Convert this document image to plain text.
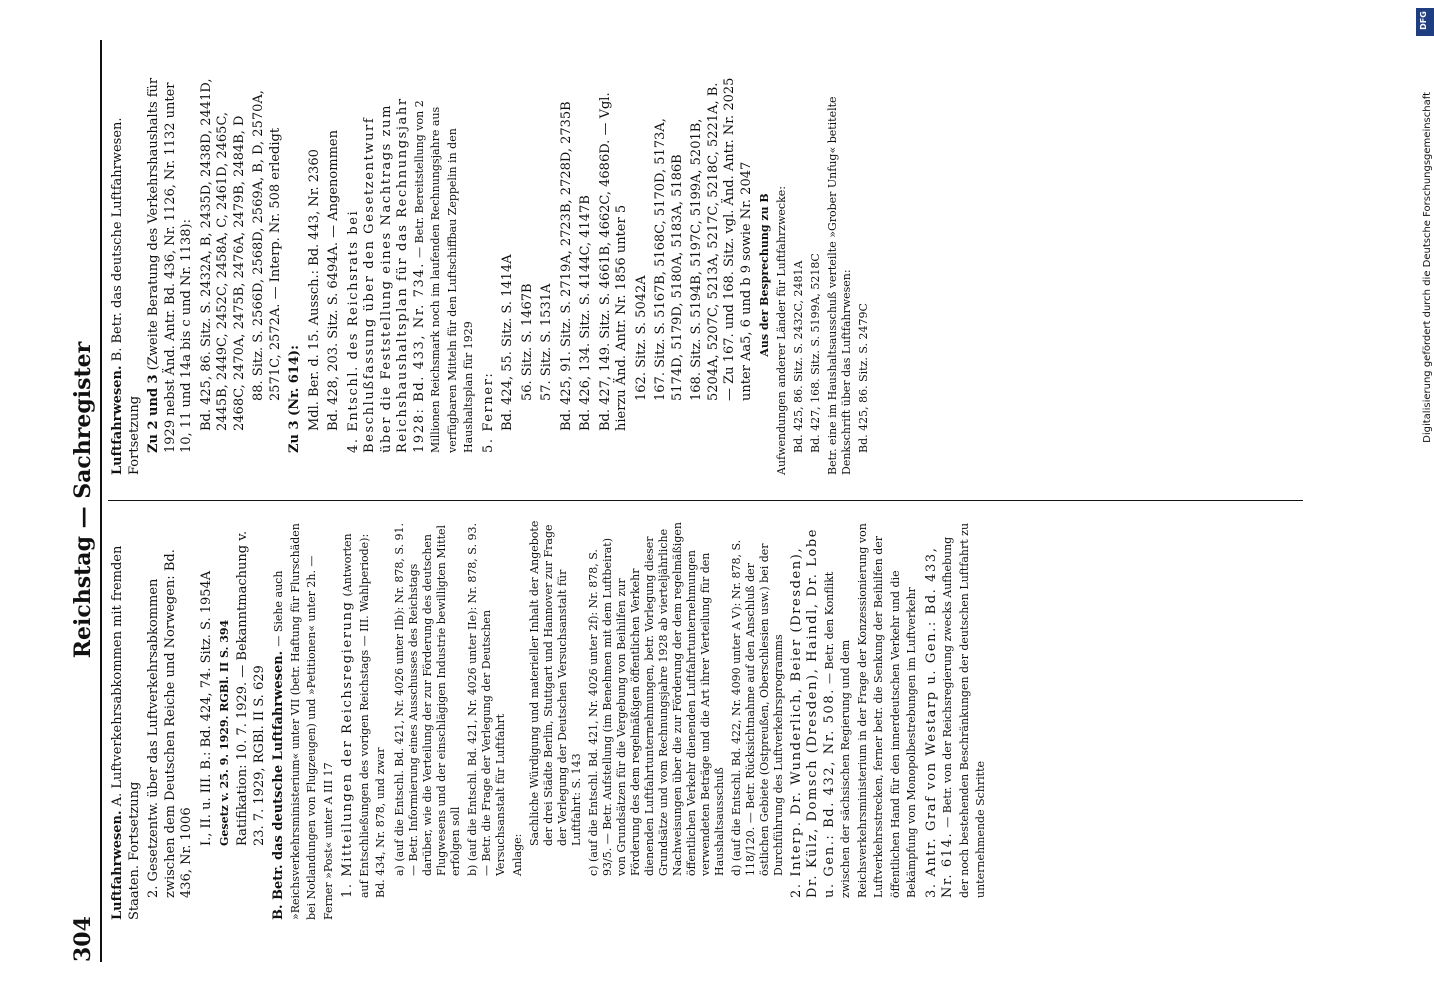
304
Reichstag — Sachregister

Luftfahrwesen. A. Luftverkehrsabkommen mit fremden Staaten. Fortsetzung 2. Gesetzentw. über das Luftverkehrsabkommen zwischen dem Deutschen Reiche und Norwegen: Bd. 436, Nr. 1006

I., II. u. III. B.: Bd. 424, 74. Sitz. S. 1954A Gesetz v. 25. 9. 1929. RGBl. II S. 394 Ratifikation: 10. 7. 1929. — Bekanntmachung v. 23. 7. 1929, RGBl. II S. 629 B. Betr. das deutsche Luftfahrwesen. — Siehe auch »Reichsverkehrsministerium« unter VII (betr. Haftung für Flurschäden bei Notlandungen von Flugzeugen) und »Petitionen« unter 2h. — Ferner »Post« unter A III 17 1. Mitteilungen der Reichsregierung (Antworten auf Entschließungen des vorigen Reichstags — III. Wahlperiode): Bd. 434, Nr. 878, und zwar a) (auf die Entschl. Bd. 421, Nr. 4026 unter IIb): Nr. 878, S. 91. — Betr. Informierung eines Ausschusses des Reichstags darüber, wie die Verteilung der zur Förderung des deutschen Flugwesens und der einschlägigen Industrie bewilligten Mittel erfolgen soll b) (auf die Entschl. Bd. 421, Nr. 4026 unter IIe): Nr. 878, S. 93. — Betr. die Frage der Verlegung der Deutschen Versuchsanstalt für Luftfahrt Anlage:

Sachliche Würdigung und materieller Inhalt der Angebote der drei Städte Berlin, Stuttgart und Hannover zur Frage der Verlegung der Deutschen Versuchsanstalt für Luftfahrt: S. 143 c) (auf die Entschl. Bd. 421, Nr. 4026 unter 2f): Nr. 878, S. 93/5. — Betr. Aufstellung (im Benehmen mit dem Luftbeirat) von Grundsätzen für die Vergebung von Beihilfen zur Förderung des dem regelmäßigen öffentlichen Verkehr dienenden Luftfahrtunternehmungen, betr. Vorlegung dieser Grundsätze und vom Rechnungsjahre 1928 ab vierteljährliche Nachweisungen über die zur Förderung der dem regelmäßigen öffentlichen Verkehr dienenden Luftfahrtunternehmungen verwendeten Beträge und die Art ihrer Verteilung für den Haushaltsausschuß d) (auf die Entschl. Bd. 422, Nr. 4090 unter A V): Nr. 878, S. 118/120. — Betr. Rücksichtnahme auf den Anschluß der östlichen Gebiete (Ostpreußen, Oberschlesien usw.) bei der Durchführung des Luftverkehrsprogramms 2. Interp. Dr. Wunderlich, Beier (Dresden), Dr. Külz, Domsch (Dresden), Haindl, Dr. Lobe u. Gen.: Bd. 432, Nr. 508. — Betr. den Konflikt zwischen der sächsischen Regierung und dem Reichsverkehrsministerium in der Frage der Konzessionierung von Luftverkehrsstrecken, ferner betr. die Senkung der Beihilfen der öffentlichen Hand für den innerdeutschen Verkehr und die Bekämpfung von Monopolbestrebungen im Luftverkehr 3. Antr. Graf von Westarp u. Gen.: Bd. 433, Nr. 614. — Betr. von der Reichsregierung zwecks Aufhebung der noch bestehenden Beschränkungen der deutschen Luftfahrt zu unternehmende Schritte

Luftfahrwesen. B. Betr. das deutsche Luftfahrwesen. Fortsetzung Zu 2 und 3 (Zweite Beratung des Verkehrshaushalts für 1929 nebst Änd. Antr. Bd. 436, Nr. 1126, Nr. 1132 unter 10, 11 und 14a bis c und Nr. 1138): Bd. 425, 86. Sitz. S. 2432A, B, 2435D, 2438D, 2441D, 2445B, 2449C, 2452C, 2458A, C, 2461D, 2465C, 2468C, 2470A, 2475B, 2476A, 2479B, 2484B, D 88. Sitz. S. 2566D, 2568D, 2569A, B, D, 2570A, 2571C, 2572A. — Interp. Nr. 508 erledigt Zu 3 (Nr. 614): Mdl. Ber. d. 15. Aussch.: Bd. 443, Nr. 2360 Bd. 428, 203. Sitz. S. 6494A. — Angenommen 4. Entschl. des Reichsrats bei Beschlußfassung über den Gesetzentwurf über die Feststellung eines Nachtrags zum Reichshaushaltsplan für das Rechnungsjahr 1928: Bd. 433, Nr. 734. — Betr. Bereitstellung von 2 Millionen Reichsmark noch im laufenden Rechnungsjahre aus verfügbaren Mitteln für den Luftschiffbau Zeppelin in den Haushaltsplan für 1929 5. Ferner: Bd. 424, 55. Sitz. S. 1414A 56. Sitz. S. 1467B 57. Sitz. S. 1531A Bd. 425, 91. Sitz. S. 2719A, 2723B, 2728D, 2735B Bd. 426, 134. Sitz. S. 4144C, 4147B Bd. 427, 149. Sitz. S. 4661B, 4662C, 4686D. — Vgl. hierzu Änd. Antr. Nr. 1856 unter 5 162. Sitz. S. 5042A 167. Sitz. S. 5167B, 5168C, 5170D, 5173A, 5174D, 5179D, 5180A, 5183A, 5186B 168. Sitz. S. 5194B, 5197C, 5199A, 5201B, 5204A, 5207C, 5213A, 5217C, 5218C, 5221A, B. — Zu 167. und 168. Sitz. vgl. Änd. Antr. Nr. 2025 unter Aa5, 6 und b 9 sowie Nr. 2047 Aus der Besprechung zu B Aufwendungen anderer Länder für Luftfahrzwecke: Bd. 425, 86. Sitz. S. 2432C, 2481A Bd. 427, 168. Sitz. S. 5199A, 5218C Betr. eine im Haushaltsausschuß verteilte »Grober Unfug« betitelte Denkschrift über das Luftfahrwesen: Bd. 425, 86. Sitz. S. 2479C

DFG
Digitalisierung gefördert durch die Deutsche Forschungsgemeinschaft
